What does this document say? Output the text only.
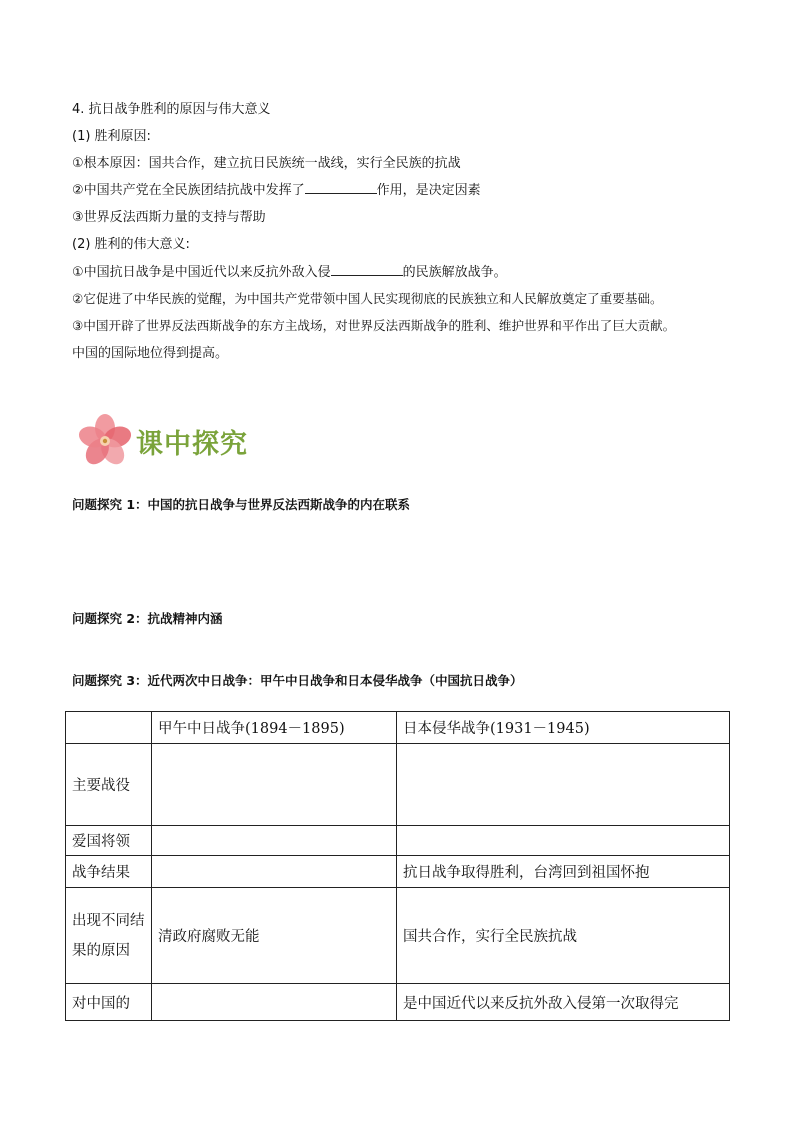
4. 抗日战争胜利的原因与伟大意义
(1) 胜利原因:
①根本原因：国共合作，建立抗日民族统一战线，实行全民族的抗战
②中国共产党在全民族团结抗战中发挥了	作用，是决定因素
③世界反法西斯力量的支持与帮助
(2) 胜利的伟大意义:
①中国抗日战争是中国近代以来反抗外敌入侵	的民族解放战争。
②它促进了中华民族的觉醒，为中国共产党带领中国人民实现彻底的民族独立和人民解放奠定了重要基础。
③中国开辟了世界反法西斯战争的东方主战场，对世界反法西斯战争的胜利、维护世界和平作出了巨大贡献。
中国的国际地位得到提高。
课中探究
问题探究 1：中国的抗日战争与世界反法西斯战争的内在联系
问题探究 2：抗战精神内涵
问题探究 3：近代两次中日战争：甲午中日战争和日本侵华战争（中国抗日战争）
	甲午中日战争(1894－1895)	日本侵华战争(1931－1945)
主要战役		
爱国将领		
战争结果		抗日战争取得胜利，台湾回到祖国怀抱
出现不同结果的原因	清政府腐败无能	国共合作，实行全民族抗战
对中国的		是中国近代以来反抗外敌入侵第一次取得完
